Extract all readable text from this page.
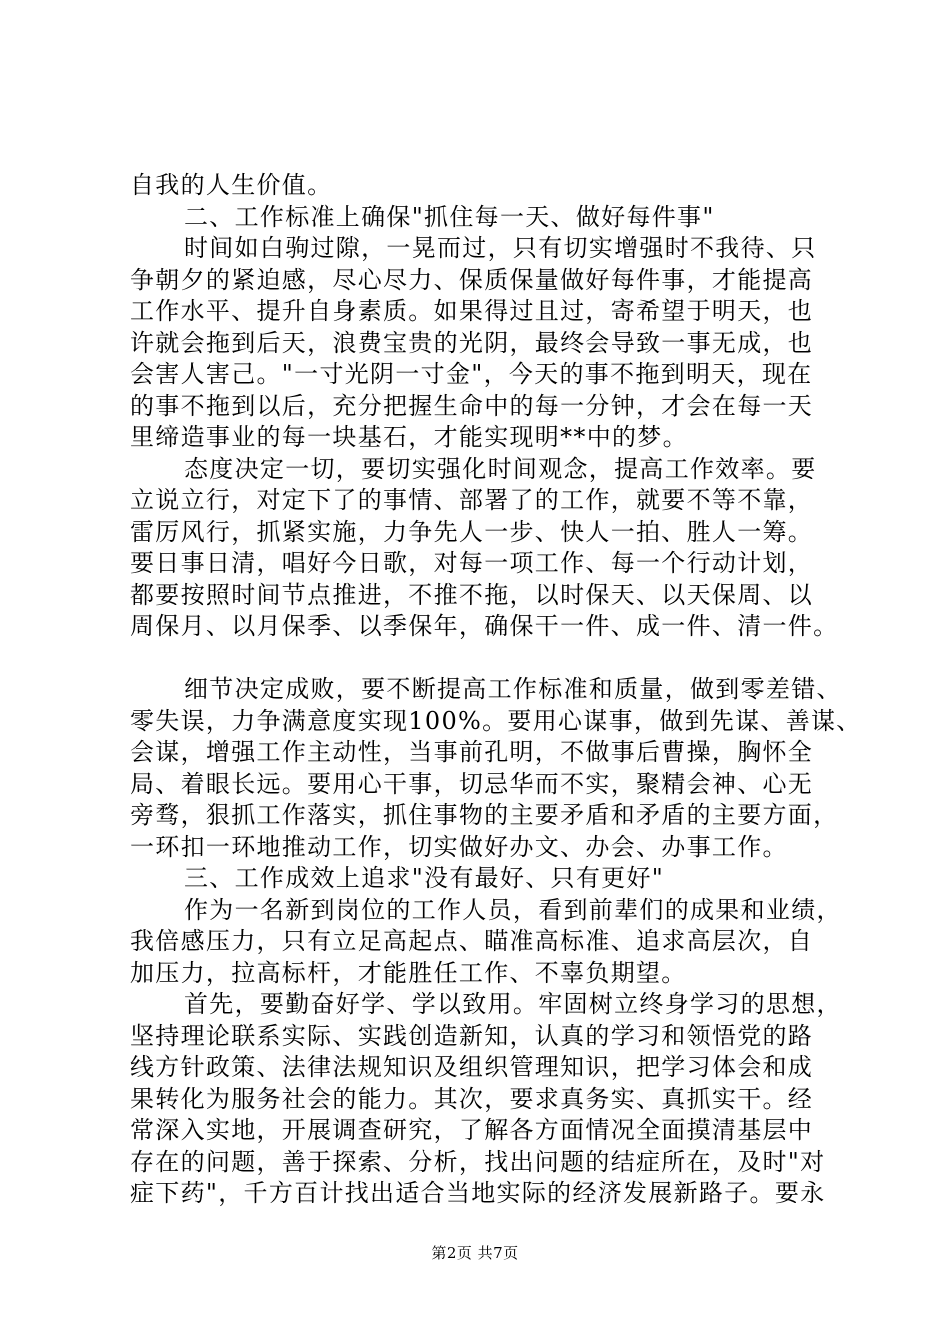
自我的人生价值。
二、工作标准上确保"抓住每一天、做好每件事"
时间如白驹过隙，一晃而过，只有切实增强时不我待、只
争朝夕的紧迫感，尽心尽力、保质保量做好每件事，才能提高
工作水平、提升自身素质。如果得过且过，寄希望于明天，也
许就会拖到后天，浪费宝贵的光阴，最终会导致一事无成，也
会害人害己。"一寸光阴一寸金"，今天的事不拖到明天，现在
的事不拖到以后，充分把握生命中的每一分钟，才会在每一天
里缔造事业的每一块基石，才能实现明**中的梦。
态度决定一切，要切实强化时间观念，提高工作效率。要
立说立行，对定下了的事情、部署了的工作，就要不等不靠，
雷厉风行，抓紧实施，力争先人一步、快人一拍、胜人一筹。
要日事日清，唱好今日歌，对每一项工作、每一个行动计划，
都要按照时间节点推进，不推不拖，以时保天、以天保周、以
周保月、以月保季、以季保年，确保干一件、成一件、清一件。
细节决定成败，要不断提高工作标准和质量，做到零差错、
零失误，力争满意度实现100%。要用心谋事，做到先谋、善谋、
会谋，增强工作主动性，当事前孔明，不做事后曹操，胸怀全
局、着眼长远。要用心干事，切忌华而不实，聚精会神、心无
旁骛，狠抓工作落实，抓住事物的主要矛盾和矛盾的主要方面，
一环扣一环地推动工作，切实做好办文、办会、办事工作。
三、工作成效上追求"没有最好、只有更好"
作为一名新到岗位的工作人员，看到前辈们的成果和业绩，
我倍感压力，只有立足高起点、瞄准高标准、追求高层次，自
加压力，拉高标杆，才能胜任工作、不辜负期望。
首先，要勤奋好学、学以致用。牢固树立终身学习的思想，
坚持理论联系实际、实践创造新知，认真的学习和领悟党的路
线方针政策、法律法规知识及组织管理知识，把学习体会和成
果转化为服务社会的能力。其次，要求真务实、真抓实干。经
常深入实地，开展调查研究，了解各方面情况全面摸清基层中
存在的问题，善于探索、分析，找出问题的结症所在，及时"对
症下药"，千方百计找出适合当地实际的经济发展新路子。要永
第2页 共7页
